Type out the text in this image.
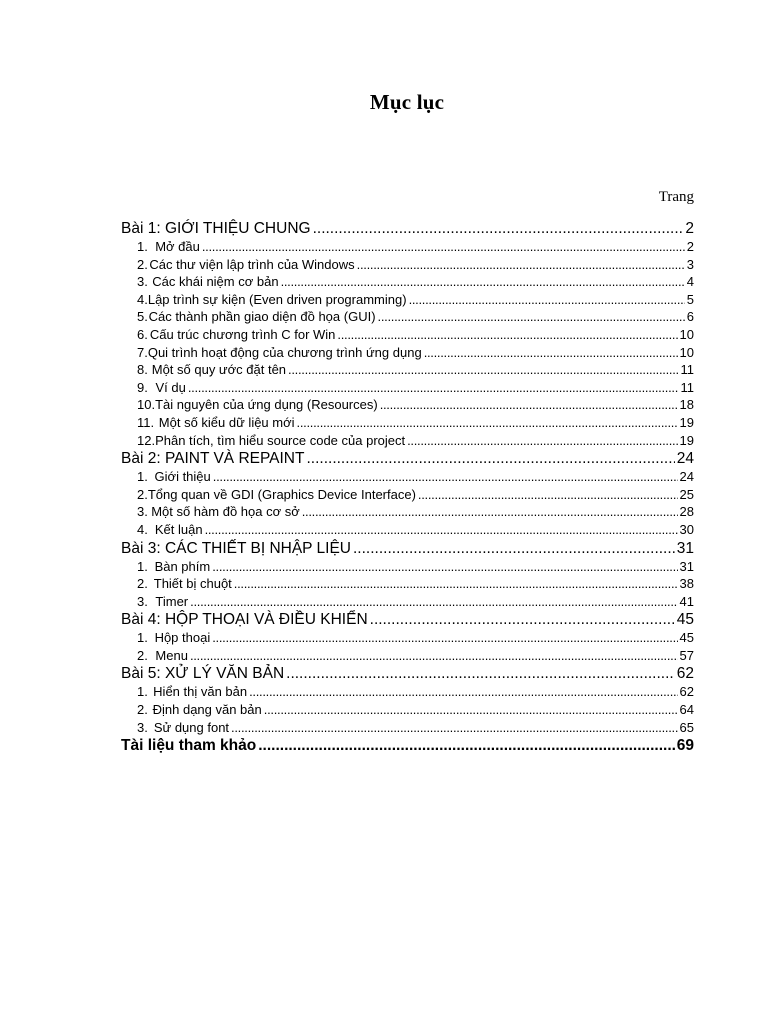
Mục lục
Trang
Bài 1: GIỚI THIỆU CHUNG .....	2
1. Mở đầu .....	2
2. Các thư viện lập trình của Windows .....	3
3. Các khái niệm cơ bản .....	4
4. Lập trình sự kiện (Even driven programming) .....	5
5. Các thành phần giao diện đồ họa (GUI) .....	6
6. Cấu trúc chương trình C for Win .....	10
7. Qui trình hoạt động của chương trình ứng dụng .....	10
8. Một số quy ước đặt tên .....	11
9. Ví dụ .....	11
10. Tài nguyên của ứng dụng (Resources) .....	18
11. Một số kiểu dữ liệu mới .....	19
12. Phân tích, tìm hiểu source code của project .....	19
Bài 2: PAINT VÀ REPAINT .....	24
1. Giới thiệu .....	24
2. Tổng quan về GDI (Graphics Device Interface) .....	25
3. Một số hàm đồ họa cơ sở .....	28
4. Kết luận .....	30
Bài 3: CÁC THIẾT BỊ NHẬP LIỆU .....	31
1. Bàn phím .....	31
2. Thiết bị chuột .....	38
3. Timer .....	41
Bài 4: HỘP THOẠI VÀ ĐIỀU KHIỂN .....	45
1. Hộp thoại .....	45
2. Menu .....	57
Bài 5: XỬ LÝ VĂN BẢN .....	62
1. Hiển thị văn bản .....	62
2. Định dạng văn bản .....	64
3. Sử dụng font .....	65
Tài liệu tham khảo .....	69
